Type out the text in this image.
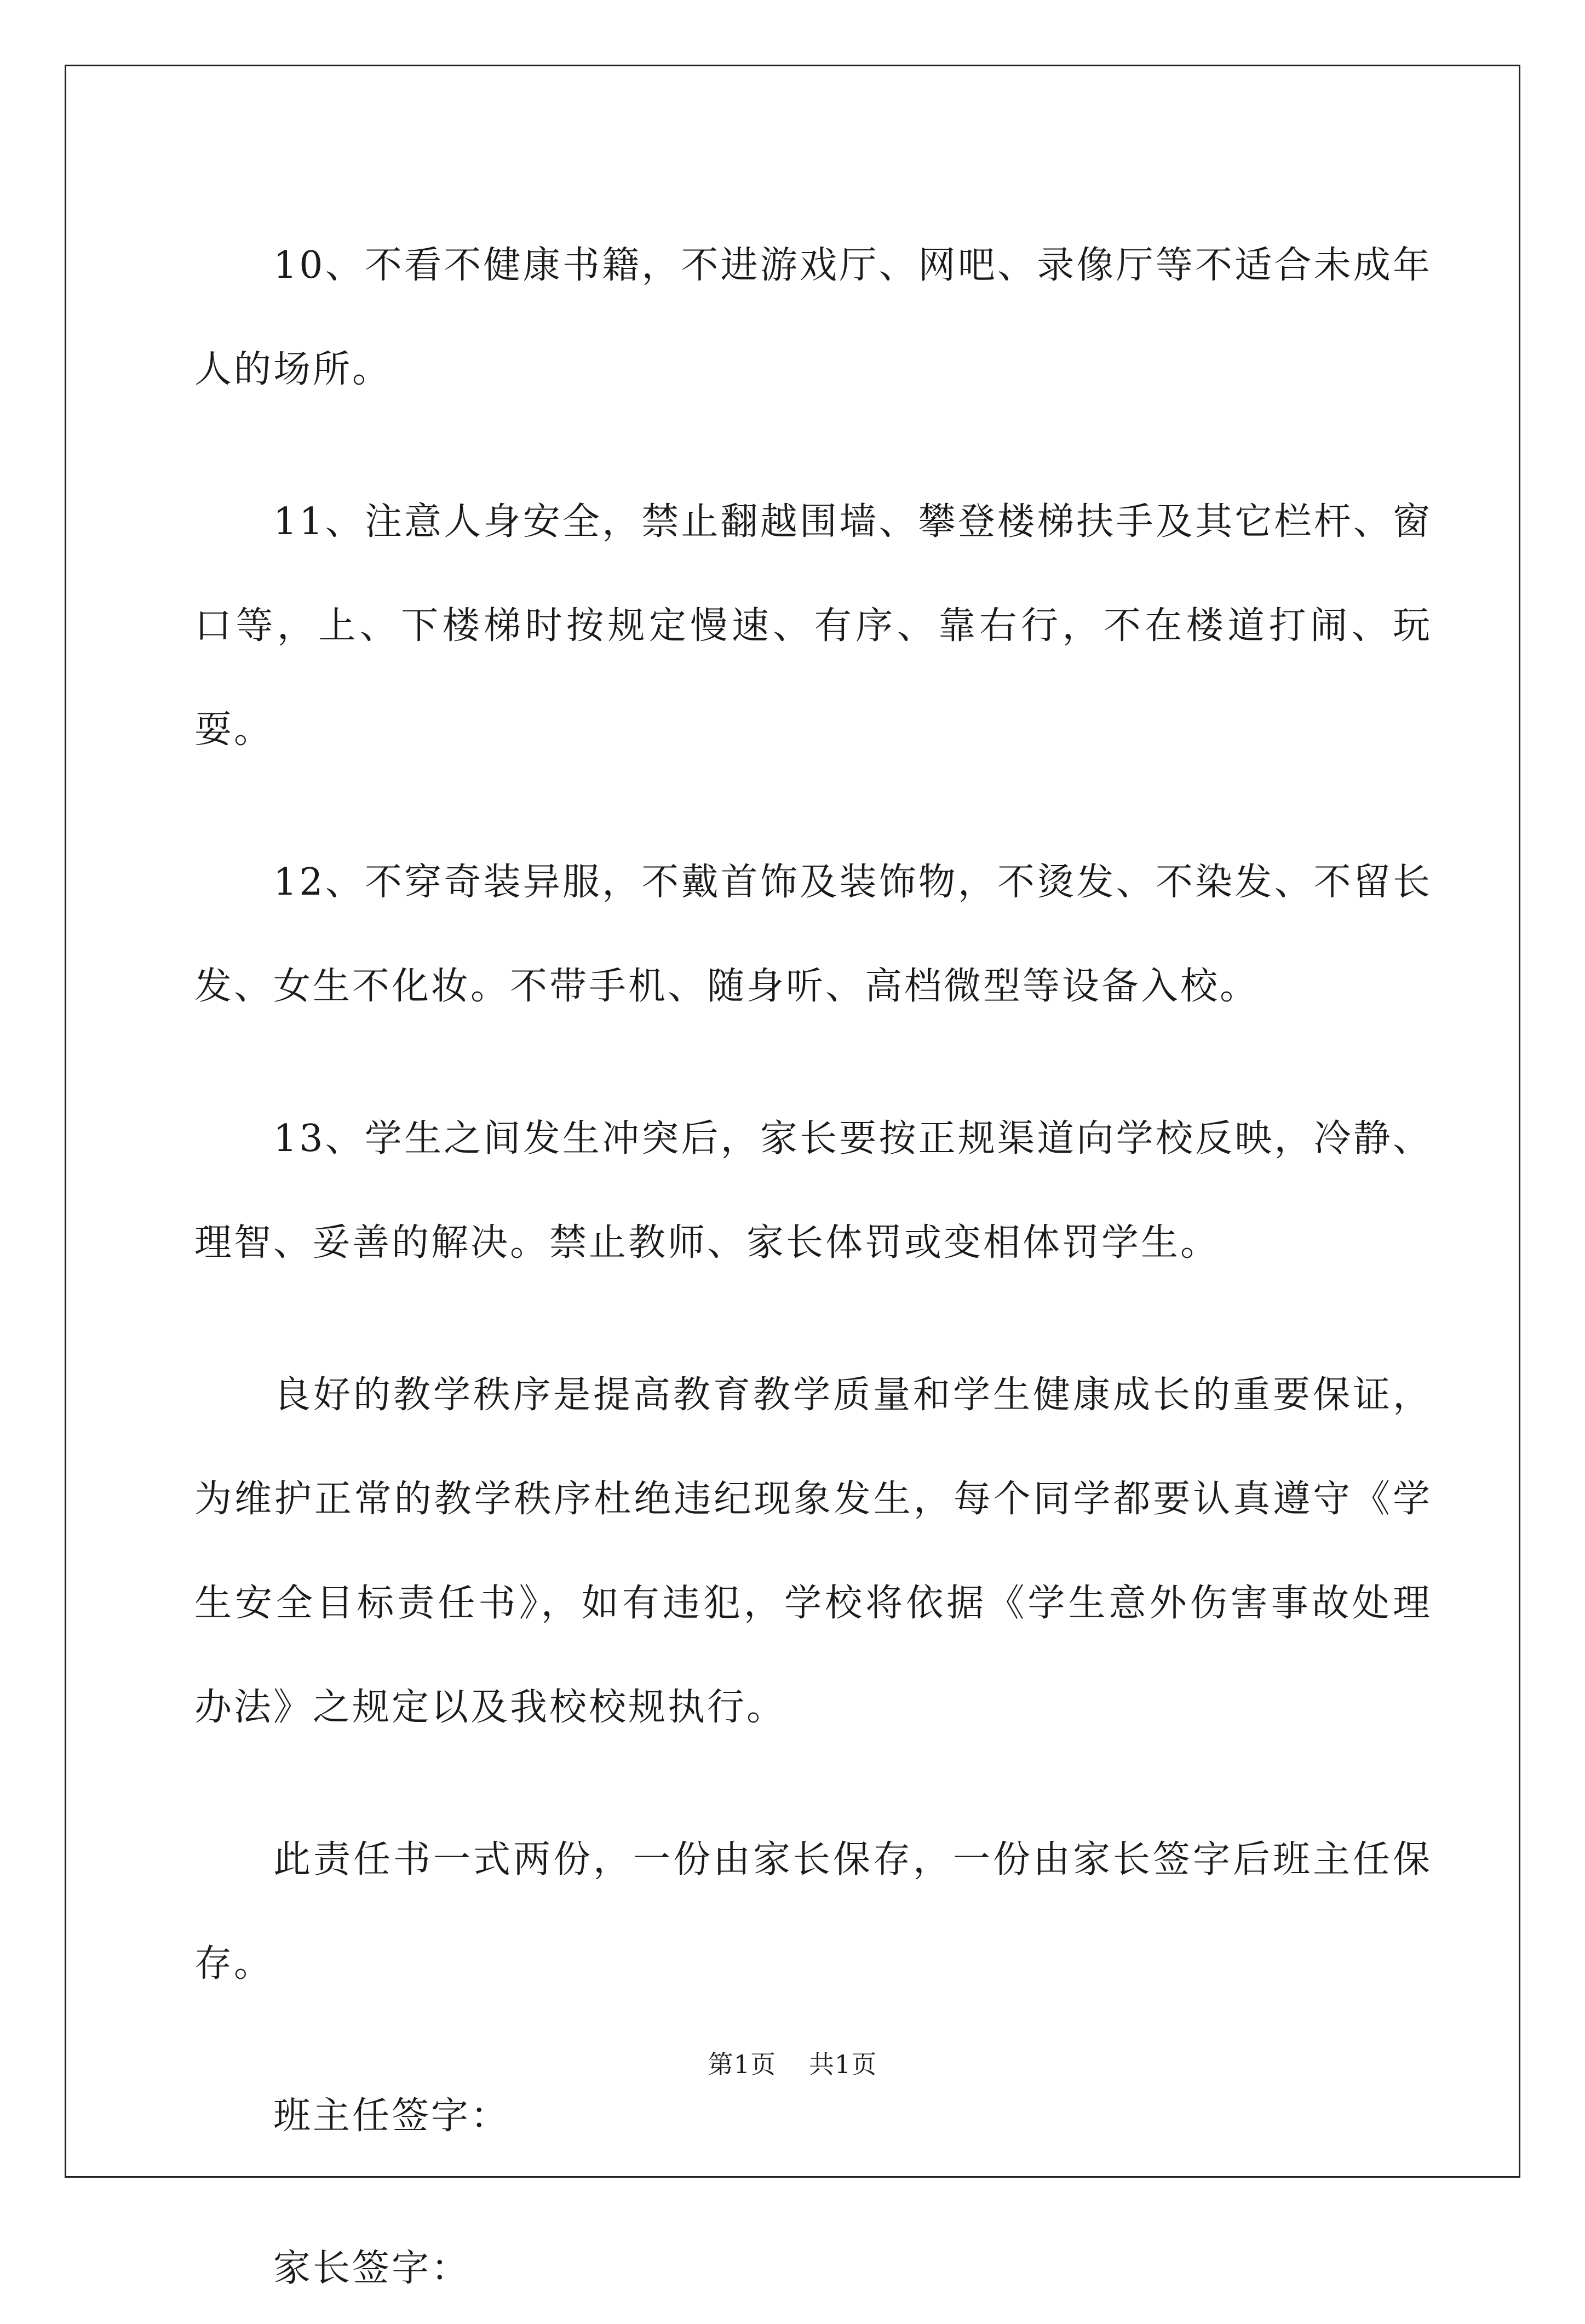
10、不看不健康书籍，不进游戏厅、网吧、录像厅等不适合未成年人的场所。

11、注意人身安全，禁止翻越围墙、攀登楼梯扶手及其它栏杆、窗口等，上、下楼梯时按规定慢速、有序、靠右行，不在楼道打闹、玩耍。

12、不穿奇装异服，不戴首饰及装饰物，不烫发、不染发、不留长发、女生不化妆。不带手机、随身听、高档微型等设备入校。

13、学生之间发生冲突后，家长要按正规渠道向学校反映，冷静、理智、妥善的解决。禁止教师、家长体罚或变相体罚学生。

良好的教学秩序是提高教育教学质量和学生健康成长的重要保证，为维护正常的教学秩序杜绝违纪现象发生，每个同学都要认真遵守《学生安全目标责任书》，如有违犯，学校将依据《学生意外伤害事故处理办法》之规定以及我校校规执行。

此责任书一式两份，一份由家长保存，一份由家长签字后班主任保存。

班主任签字：

家长签字：

第1页 共1页
